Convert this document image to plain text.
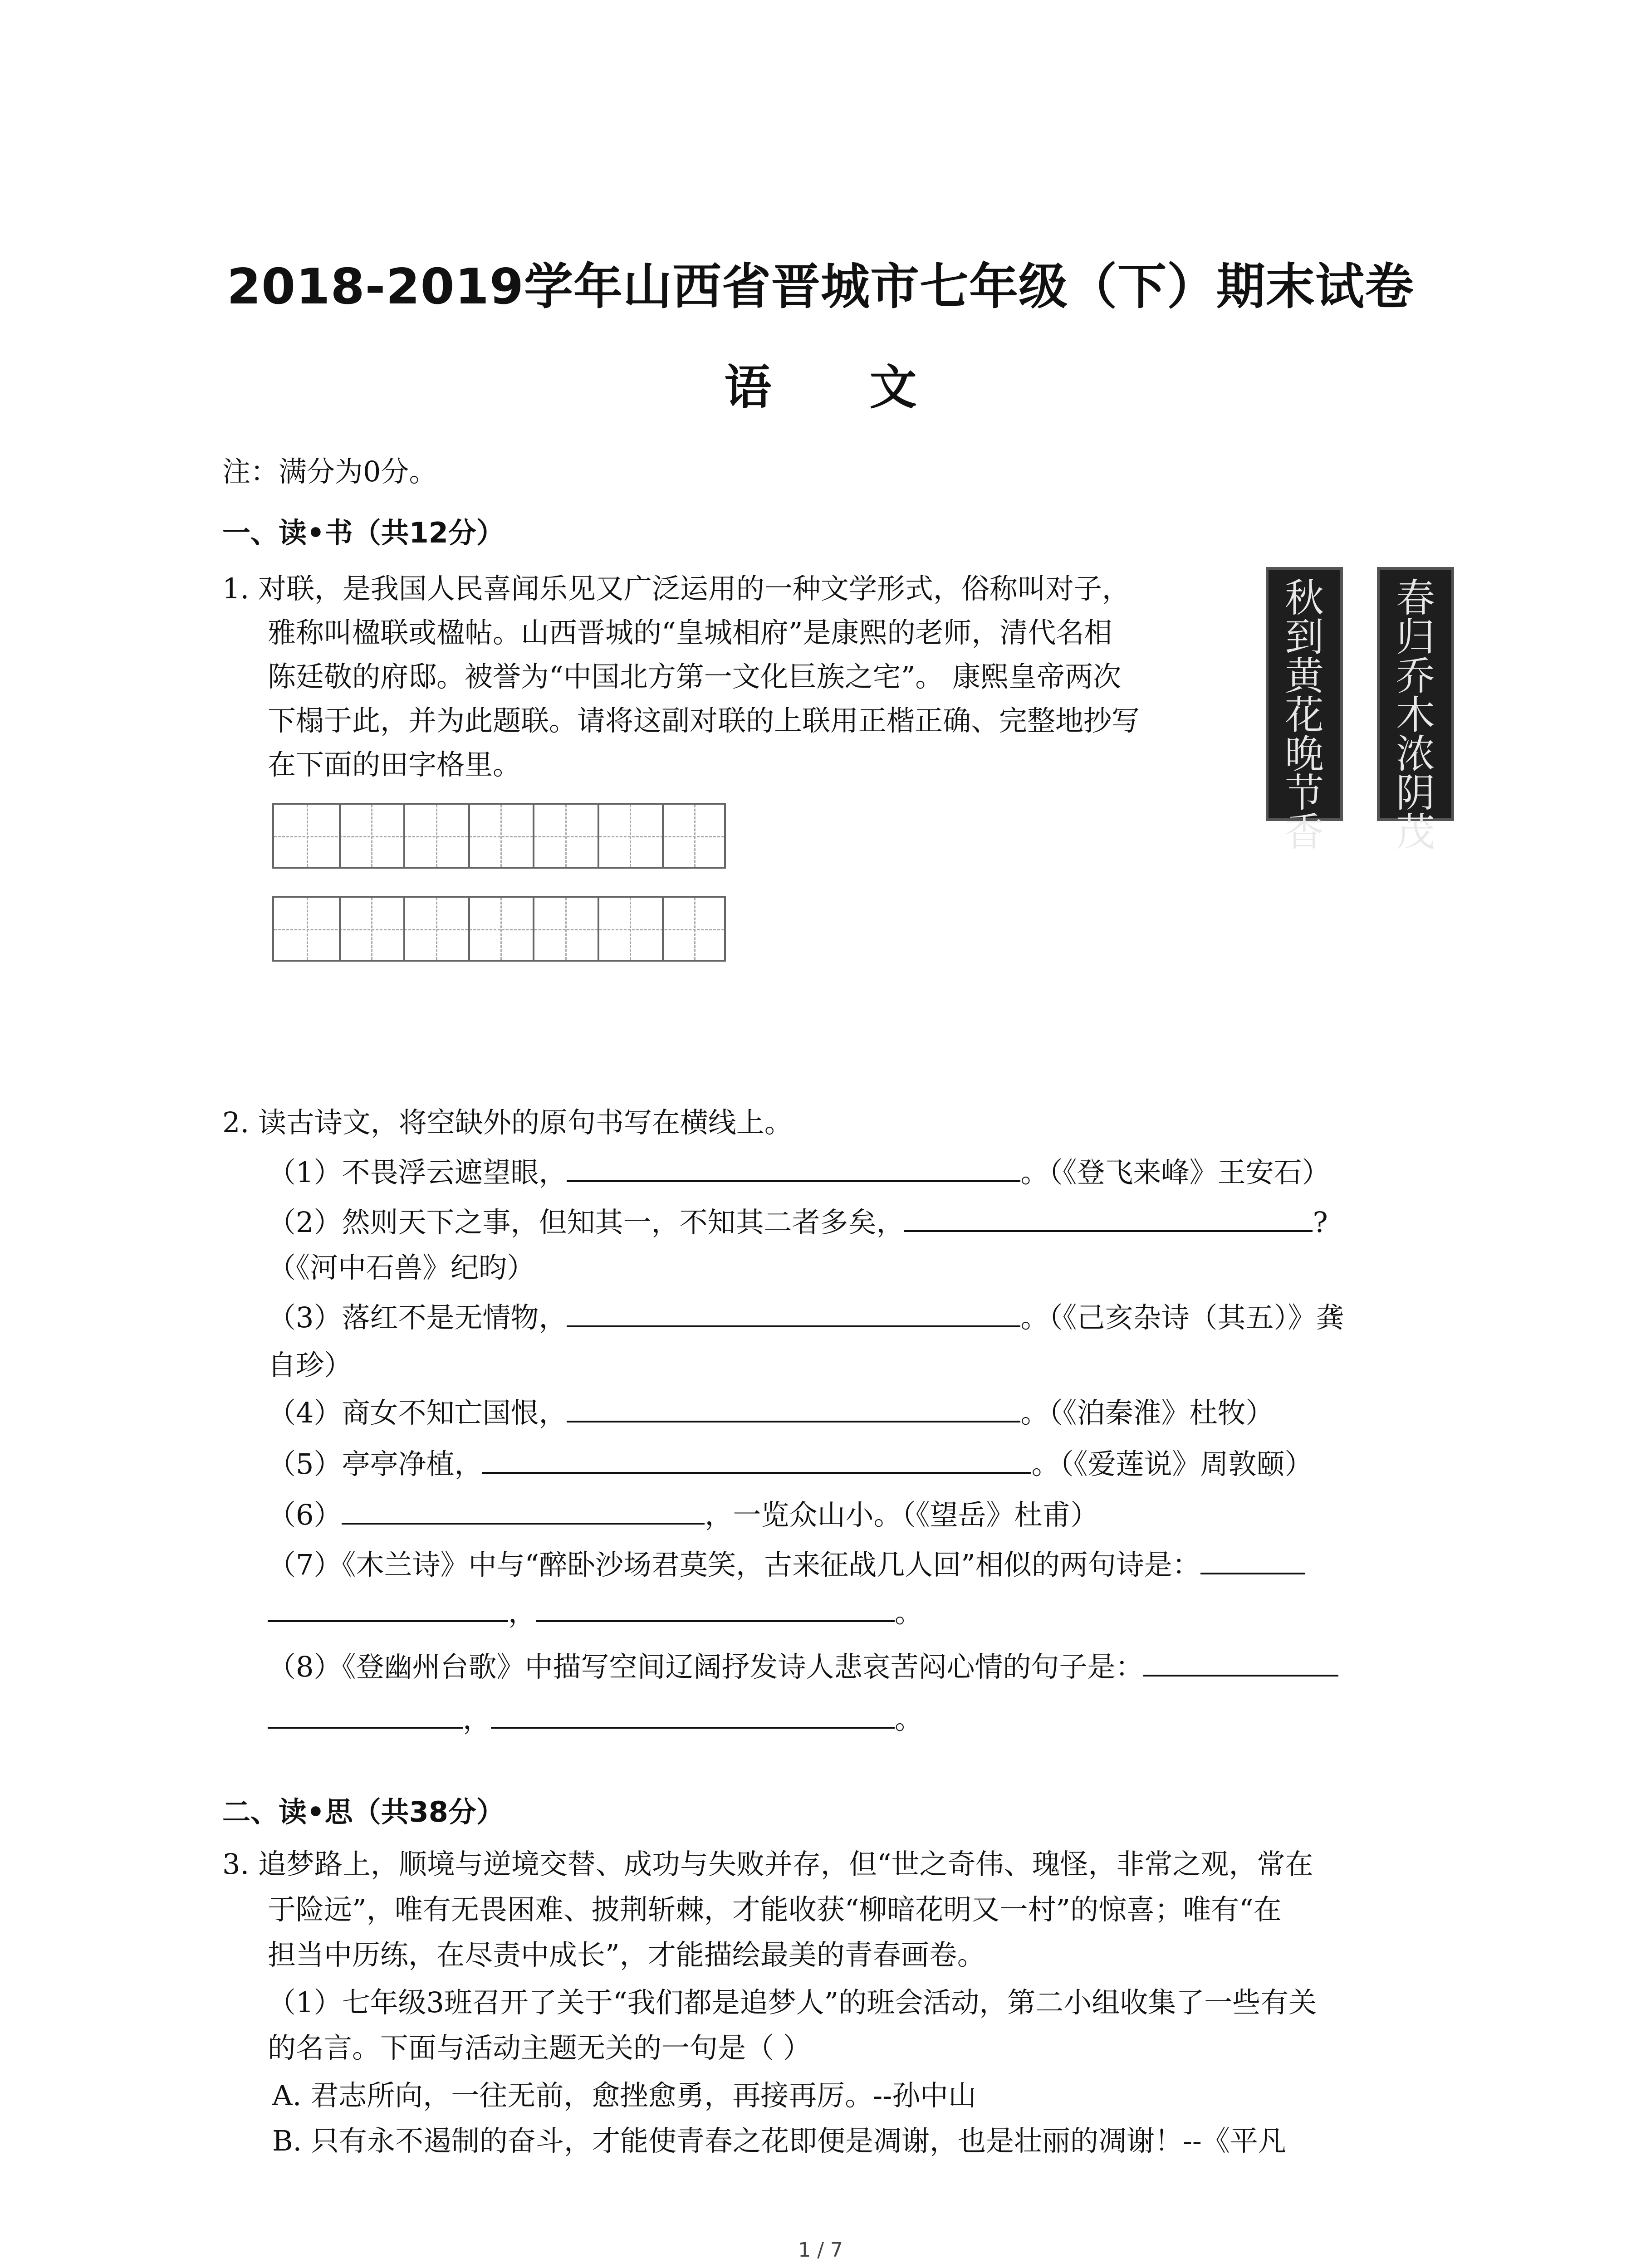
2018-2019学年山西省晋城市七年级（下）期末试卷
语 文
注：满分为0分。
一、读•书（共12分）
1. 对联，是我国人民喜闻乐见又广泛运用的一种文学形式，俗称叫对子，
雅称叫楹联或楹帖。山西晋城的“皇城相府”是康熙的老师，清代名相
陈廷敬的府邸。被誉为“中国北方第一文化巨族之宅”。 康熙皇帝两次
下榻于此，并为此题联。请将这副对联的上联用正楷正确、完整地抄写
在下面的田字格里。
秋
到
黄
花
晚
节
香
春
归
乔
木
浓
阴
茂
2. 读古诗文，将空缺外的原句书写在横线上。
（1）不畏浮云遮望眼，	。（《登飞来峰》王安石）
（2）然则天下之事，但知其一，不知其二者多矣，	?
（《河中石兽》纪昀）
（3）落红不是无情物，	。（《己亥杂诗（其五）》龚
自珍）
（4）商女不知亡国恨，	。（《泊秦淮》杜牧）
（5）亭亭净植，	。（《爱莲说》周敦颐）
（6）	，一览众山小。（《望岳》杜甫）
（7）《木兰诗》中与“醉卧沙场君莫笑，古来征战几人回”相似的两句诗是：
，	。
（8）《登幽州台歌》中描写空间辽阔抒发诗人悲哀苦闷心情的句子是：
，	。
二、读•思（共38分）
3. 追梦路上，顺境与逆境交替、成功与失败并存，但“世之奇伟、瑰怪，非常之观，常在
于险远”，唯有无畏困难、披荆斩棘，才能收获“柳暗花明又一村”的惊喜；唯有“在
担当中历练，在尽责中成长”，才能描绘最美的青春画卷。
（1）七年级3班召开了关于“我们都是追梦人”的班会活动，第二小组收集了一些有关
的名言。下面与活动主题无关的一句是（ ）
A. 君志所向，一往无前，愈挫愈勇，再接再厉。--孙中山
B. 只有永不遏制的奋斗，才能使青春之花即便是凋谢，也是壮丽的凋谢！--《平凡
1 / 7
